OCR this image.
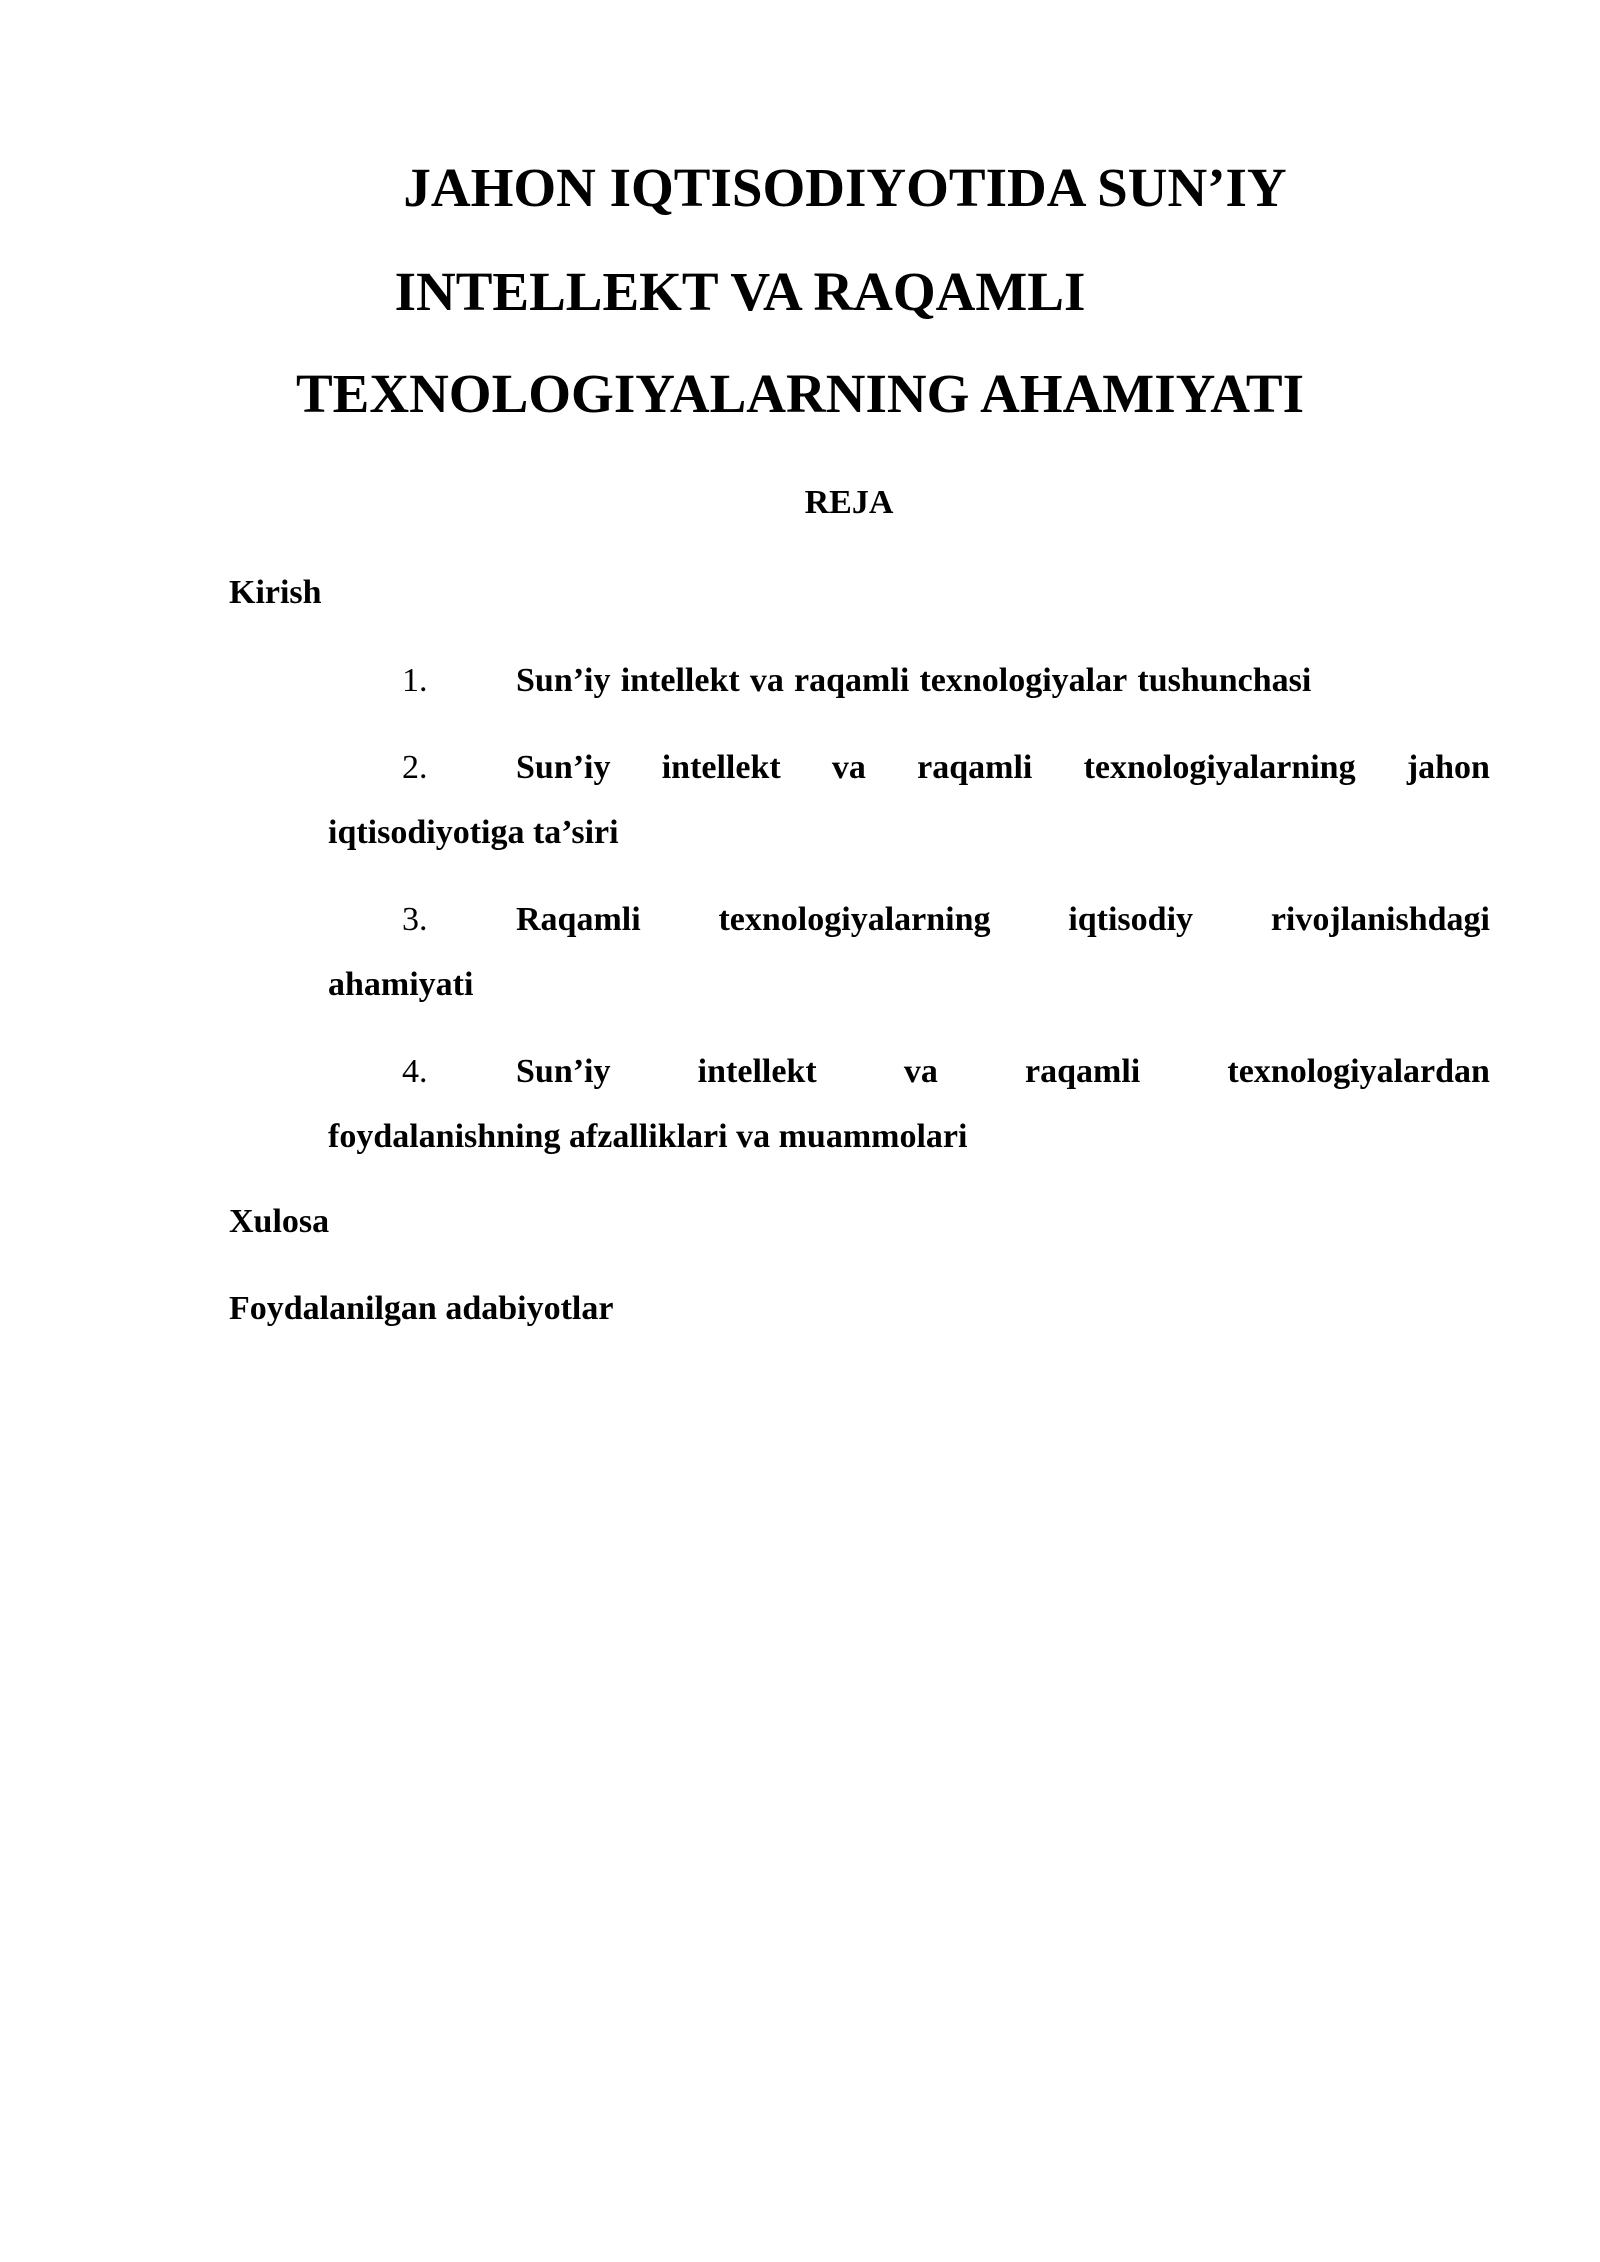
JAHON IQTISODIYOTIDA SUN’IY
INTELLEKT VA RAQAMLI
TEXNOLOGIYALARNING AHAMIYATI
REJA
Kirish
1.	Sun’iy intellekt va raqamli texnologiyalar tushunchasi
2.	Sun’iy intellekt va raqamli texnologiyalarning jahon
iqtisodiyotiga ta’siri
3.	Raqamli texnologiyalarning iqtisodiy rivojlanishdagi
ahamiyati
4.	Sun’iy	intellekt	va	raqamli	texnologiyalardan
foydalanishning afzalliklari va muammolari
Xulosa
Foydalanilgan adabiyotlar
